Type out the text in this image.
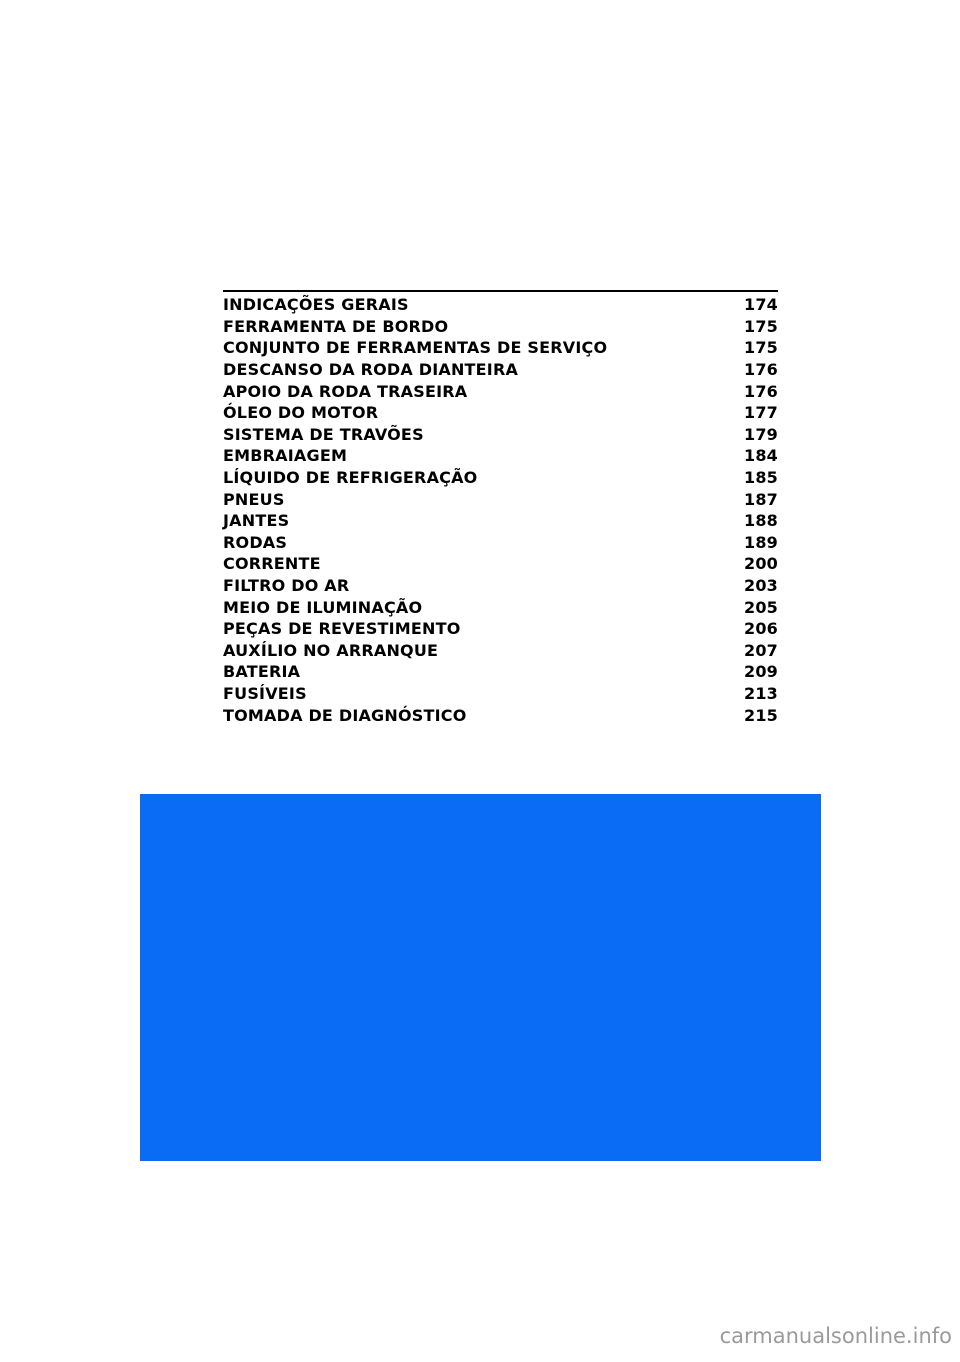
INDICAÇÕES GERAIS	174
FERRAMENTA DE BORDO	175
CONJUNTO DE FERRAMENTAS DE SERVIÇO	175
DESCANSO DA RODA DIANTEIRA	176
APOIO DA RODA TRASEIRA	176
ÓLEO DO MOTOR	177
SISTEMA DE TRAVÕES	179
EMBRAIAGEM	184
LÍQUIDO DE REFRIGERAÇÃO	185
PNEUS	187
JANTES	188
RODAS	189
CORRENTE	200
FILTRO DO AR	203
MEIO DE ILUMINAÇÃO	205
PEÇAS DE REVESTIMENTO	206
AUXÍLIO NO ARRANQUE	207
BATERIA	209
FUSÍVEIS	213
TOMADA DE DIAGNÓSTICO	215
carmanualsonline.info
